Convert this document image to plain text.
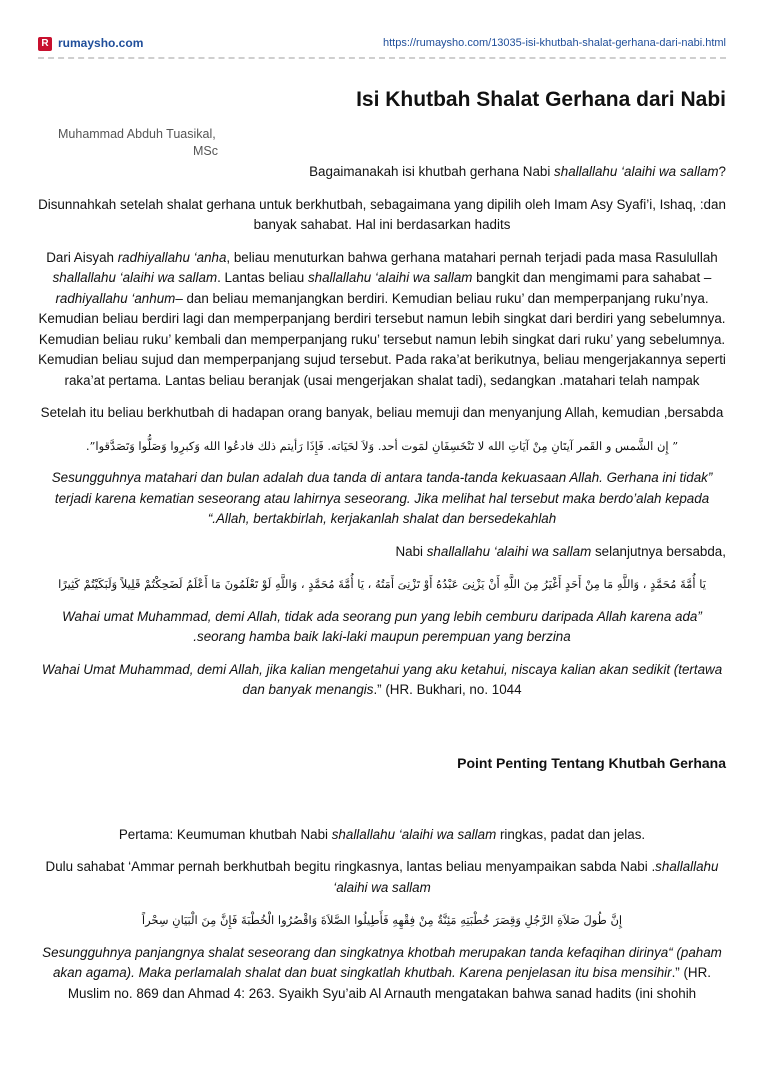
R rumaysho.com	https://rumaysho.com/13035-isi-khutbah-shalat-gerhana-dari-nabi.html
Isi Khutbah Shalat Gerhana dari Nabi
Muhammad Abduh Tuasikal,
MSc

?Bagaimanakah isi khutbah gerhana Nabi shallallahu ‘alaihi wa sallam

Disunnahkah setelah shalat gerhana untuk berkhutbah, sebagaimana yang dipilih oleh Imam Asy Syafi’i, Ishaq, :dan banyak sahabat. Hal ini berdasarkan hadits

Dari Aisyah radhiyallahu ‘anha, beliau menuturkan bahwa gerhana matahari pernah terjadi pada masa Rasulullah shallallahu ‘alaihi wa sallam. Lantas beliau shallallahu ‘alaihi wa sallam bangkit dan mengimami para sahabat –radhiyallahu ‘anhum– dan beliau memanjangkan berdiri. Kemudian beliau ruku’ dan memperpanjang ruku’nya. Kemudian beliau berdiri lagi dan memperpanjang berdiri tersebut namun lebih singkat dari berdiri yang sebelumnya. Kemudian beliau ruku’ kembali dan memperpanjang ruku’ tersebut namun lebih singkat dari ruku’ yang sebelumnya. Kemudian beliau sujud dan memperpanjang sujud tersebut. Pada raka’at berikutnya, beliau mengerjakannya seperti raka’at pertama. Lantas beliau beranjak (usai mengerjakan shalat tadi), sedangkan .matahari telah nampak

Setelah itu beliau berkhutbah di hadapan orang banyak, beliau memuji dan menyanjung Allah, kemudian ,bersabda

” إِن الشَّمس و القَمر آيتَانِ مِنْ آيَاتِ الله لا تَنْخَسِفَانِ لمَوت أحد. وَلاَ لحَيَاته. فَإِذَا رَأيتم ذلك فادعُوا الله وَكبرِوا وَصَلُّوا وَتَصَدَّقوا”.

Sesungguhnya matahari dan bulan adalah dua tanda di antara tanda-tanda kekuasaan Allah. Gerhana ini tidak” terjadi karena kematian seseorang atau lahirnya seseorang. Jika melihat hal tersebut maka berdo’alah kepada “.Allah, bertakbirlah, kerjakanlah shalat dan bersedekahlah

,Nabi shallallahu ‘alaihi wa sallam selanjutnya bersabda

يَا أُمَّةَ مُحَمَّدٍ ، وَاللَّهِ مَا مِنْ أَحَدٍ أَغْيَرُ مِنَ اللَّهِ أَنْ يَزْنِىَ عَبْدُهُ أَوْ تَزْنِىَ أَمَتُهُ ، يَا أُمَّةَ مُحَمَّدٍ ، وَاللَّهِ لَوْ تَعْلَمُونَ مَا أَعْلَمُ لَضَحِكْتُمْ قَلِيلاً وَلَبَكَيْتُمْ كَثِيرًا

Wahai umat Muhammad, demi Allah, tidak ada seorang pun yang lebih cemburu daripada Allah karena ada” .seorang hamba baik laki-laki maupun perempuan yang berzina

Wahai Umat Muhammad, demi Allah, jika kalian mengetahui yang aku ketahui, niscaya kalian akan sedikit (tertawa dan banyak menangis.” (HR. Bukhari, no. 1044

Point Penting Tentang Khutbah Gerhana

.Pertama: Keumuman khutbah Nabi shallallahu ‘alaihi wa sallam ringkas, padat dan jelas

Dulu sahabat ‘Ammar pernah berkhutbah begitu ringkasnya, lantas beliau menyampaikan sabda Nabi .shallallahu ‘alaihi wa sallam

إِنَّ طُولَ صَلاَةِ الرَّجُلِ وَقِصَرَ خُطْبَتِهِ مَئِنَّةٌ مِنْ فِقْهِهِ فَأَطِيلُوا الصَّلاَةَ وَاقْصُرُوا الْخُطْبَةَ فَإِنَّ مِنَ الْبَيَانِ سِحْراً

Sesungguhnya panjangnya shalat seseorang dan singkatnya khotbah merupakan tanda kefaqihan dirinya“ (paham akan agama). Maka perlamalah shalat dan buat singkatlah khutbah. Karena penjelasan itu bisa mensihir.” (HR. Muslim no. 869 dan Ahmad 4: 263. Syaikh Syu’aib Al Arnauth mengatakan bahwa sanad hadits (ini shohih
